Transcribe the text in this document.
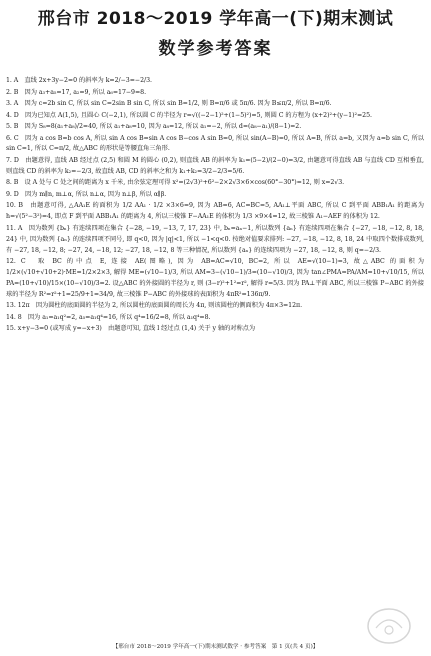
邢台市 2018～2019 学年高一(下)期末测试
数学参考答案
1. A　直线 2x+3y−2=0 的斜率为 k=2/−3=−2/3.
2. B　因为 a₃+a₅=17, a₂=9, 所以 a₆=17−9=8.
3. A　因为 c=2b sin C, 所以 sin C=2sin B sin C, 所以 sin B=1/2, 则 B=π/6 或 5π/6. 因为 B≤π/2, 所以 B=π/6.
4. D　因为已知点 A(1,5), 且圆心 C(−2,1), 所以圆 C 的半径为 r=√((−2−1)²+(1−5)²)=5, 则圆 C 的方程为 (x+2)²+(y−1)²=25.
5. B　因为 S₈=8(a₁+a₈)/2=40, 所以 a₁+a₈=10, 因为 a₈=12, 所以 a₁=−2, 所以 d=(a₈−a₁)/(8−1)=2.
6. C　因为 a cos B=b cos A, 所以 sin A cos B=sin A cos B−cos A sin B=0, 所以 sin(A−B)=0, 所以 A=B, 所以 a=b, 又因为 a=b sin C, 所以 sin C=1, 所以 C=π/2, 故△ABC 的形状是等腰直角三角形.
7. D　由题意得, 直线 AB 经过点 (2,5) 和圆 M 的圆心 (0,2), 则直线 AB 的斜率为 k₁=(5−2)/(2−0)=3/2, 由题意可得直线 AB 与直线 CD 互相垂直, 则直线 CD 的斜率为 k₂=−2/3, 故直线 AB, CD 的斜率之和为 k₁+k₂=3/2−2/3=5/6.
8. B　设 A 处与 C 处之间的距离为 x 千米, 由余弦定理可得 x²=(2√3)²+6²−2×2√3×6×cos(60°−30°)=12, 则 x=2√3.
9. D　因为 m∥n, m⊥α, 所以 n⊥α, 因为 n⊥β, 所以 α∥β.
10. B　由题意可得, △AA₁E 的面积为 1/2 AA₁ · 1/2 ×3×6=9, 因为 AB=6, AC=BC=5, AA₁⊥平面 ABC, 所以 C 到平面 ABB₁A₁ 的距离为 h=√(5²−3²)=4, 即点 F 到平面 ABB₁A₁ 的距离为 4, 所以三棱锥 F−AA₁E 的体积为 1/3 ×9×4=12, 故三棱锥 A₁−AEF 的体积为 12.
11. A　因为数列 {bₙ} 有连续四项在集合 {−28, −19, −13, 7, 17, 23} 中, bₙ=aₙ−1, 所以数列 {aₙ} 有连续四项在集合 {−27, −18, −12, 8, 18, 24} 中, 因为数列 {aₙ} 的连续四项不同号, 即 q<0, 因为 |q|<1, 所以 −1<q<0. 按绝对值要求排列: −27, −18, −12, 8, 18, 24 中取四个数排成数列, 有 −27, 18, −12, 8; −27, 24, −18, 12; −27, 18, −12, 8 等三种情况, 所以数列 {aₙ} 的连续四项为 −27, 18, −12, 8, 则 q=−2/3.
12. C　取 BC 的中点 E, 连接 AE(图略), 因为 AB=AC=√10, BC=2, 所以 AE=√(10−1)=3, 故△ABC 的面积为 1/2×(√10+√10+2)·ME=1/2×2×3, 解得 ME=(√10−1)/3, 所以 AM=3−(√10−1)/3=(10−√10)/3, 因为 tan∠PMA=PA/AM=10+√10/15, 所以 PA=(10+√10)/15×(10−√10)/3=2. 设△ABC 的外接圆的半径为 r, 则 (3−r)²+1²=r², 解得 r=5/3. 因为 PA⊥平面 ABC, 所以三棱锥 P−ABC 的外接球的半径为 R²=r²+1=25/9+1=34/9, 故三棱锥 P−ABC 的外接球的表面积为 4πR²=136π/9.
13. 12π　因为圆柱的底面圆的半径为 2, 所以圆柱的底面圆的周长为 4π, 则该圆柱的侧面积为 4π×3=12π.
14. 8　因为 a₁=a₁q²=2, a₅=a₁q⁴=16, 所以 q⁴=16/2=8, 所以 a₁q⁴=8.
15. x+y−3=0 (或写成 y=−x+3)　由题意可知, 直线 l 经过点 (1,4) 关于 y 轴的对称点为
【邢台市 2018～2019 学年高一(下)期末测试数学 · 参考答案　第 1 页(共 4 页)】
